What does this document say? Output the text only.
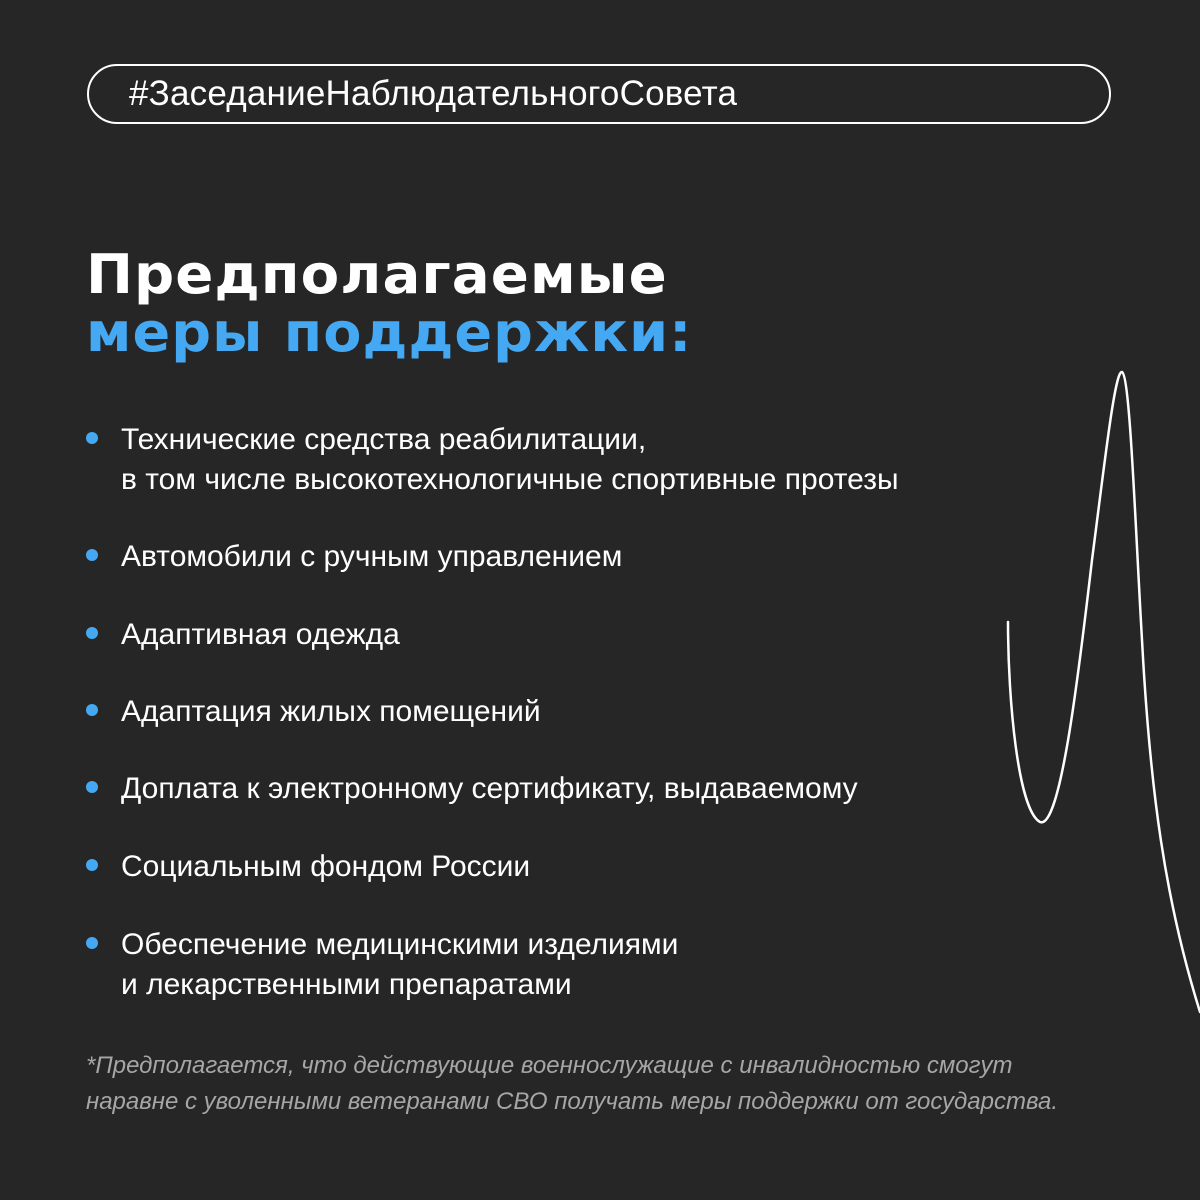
#ЗаседаниеНаблюдательногоСовета
Предполагаемые
меры поддержки:
Технические средства реабилитации,
в том числе высокотехнологичные спортивные протезы
Автомобили с ручным управлением
Адаптивная одежда
Адаптация жилых помещений
Доплата к электронному сертификату, выдаваемому
Социальным фондом России
Обеспечение медицинскими изделиями
и лекарственными препаратами
*Предполагается, что действующие военнослужащие с инвалидностью смогут
наравне с уволенными ветеранами СВО получать меры поддержки от государства.
